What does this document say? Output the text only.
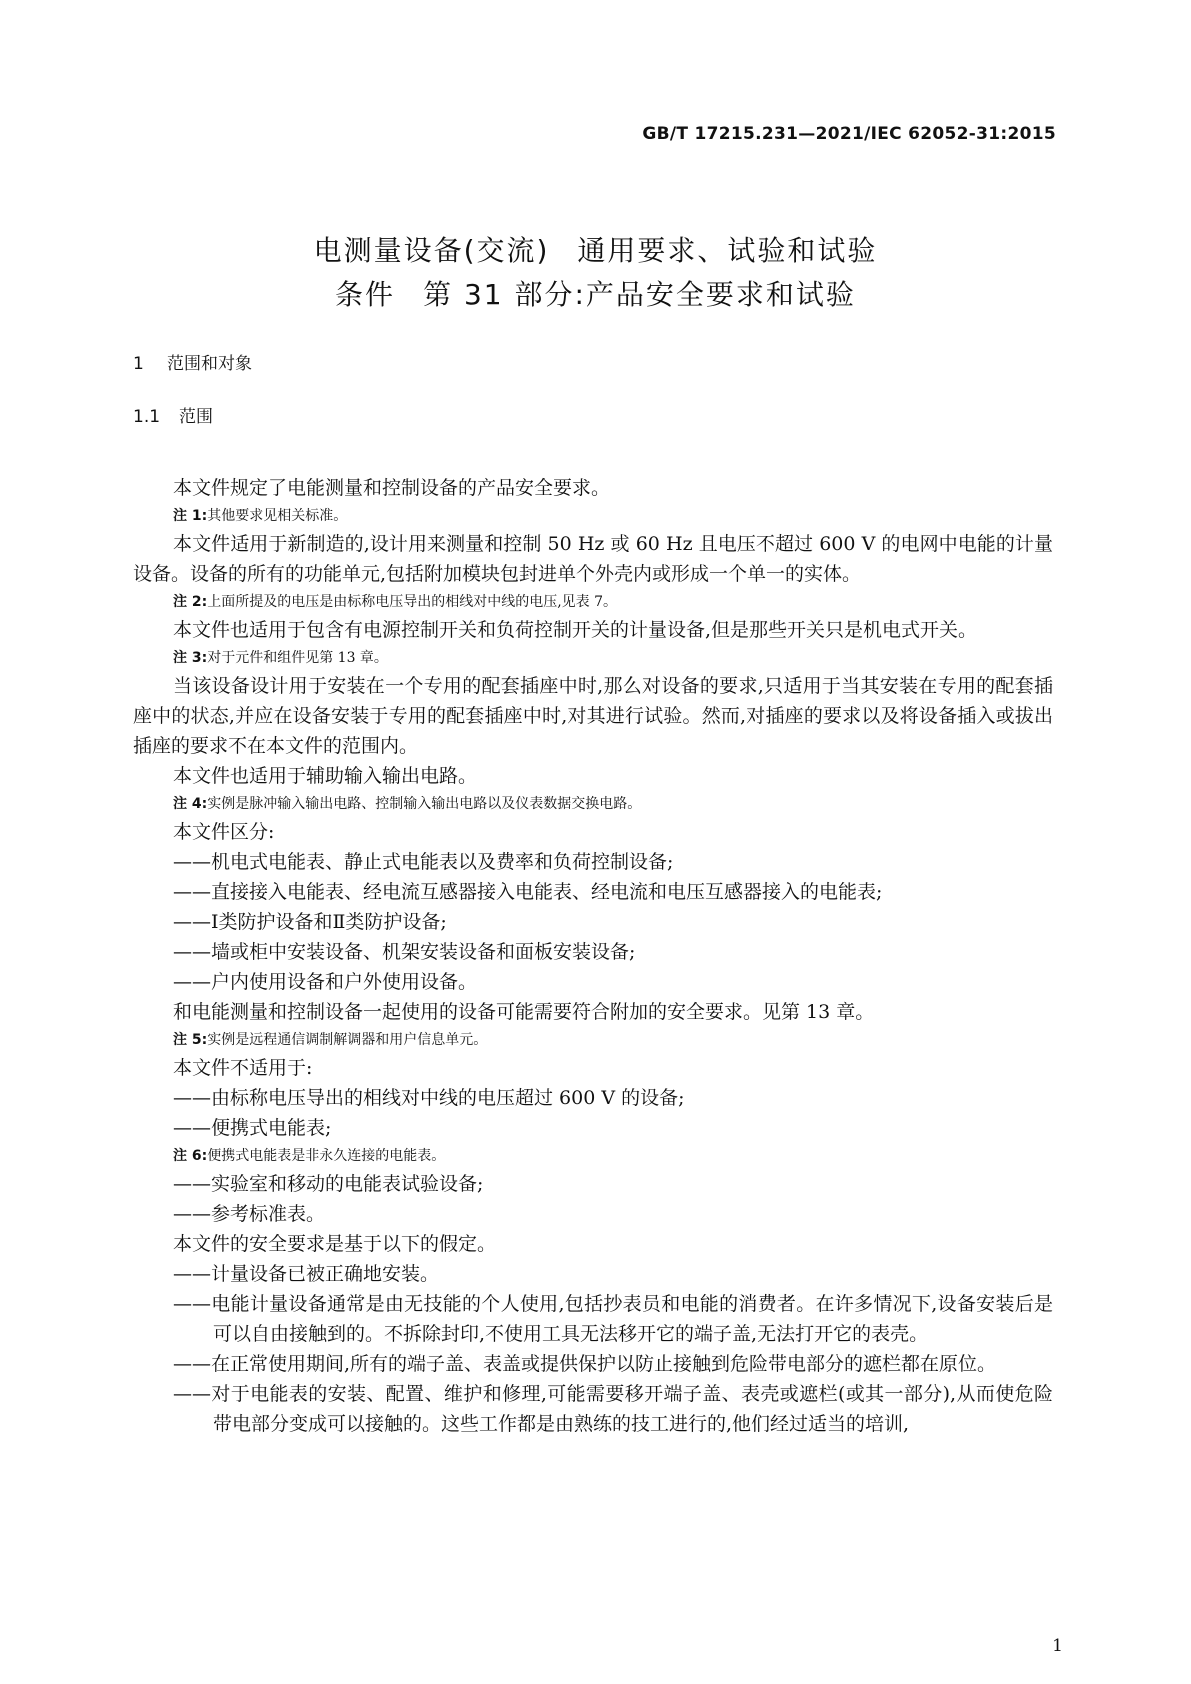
GB/T 17215.231—2021/IEC 62052-31:2015
电测量设备(交流) 通用要求、试验和试验
条件 第 31 部分:产品安全要求和试验
1 范围和对象
1.1 范围

本文件规定了电能测量和控制设备的产品安全要求。

注 1:其他要求见相关标准。

本文件适用于新制造的,设计用来测量和控制 50 Hz 或 60 Hz 且电压不超过 600 V 的电网中电能的计量设备。设备的所有的功能单元,包括附加模块包封进单个外壳内或形成一个单一的实体。

注 2:上面所提及的电压是由标称电压导出的相线对中线的电压,见表 7。

本文件也适用于包含有电源控制开关和负荷控制开关的计量设备,但是那些开关只是机电式开关。

注 3:对于元件和组件见第 13 章。

当该设备设计用于安装在一个专用的配套插座中时,那么对设备的要求,只适用于当其安装在专用的配套插座中的状态,并应在设备安装于专用的配套插座中时,对其进行试验。然而,对插座的要求以及将设备插入或拔出插座的要求不在本文件的范围内。

本文件也适用于辅助输入输出电路。

注 4:实例是脉冲输入输出电路、控制输入输出电路以及仪表数据交换电路。

本文件区分:

——机电式电能表、静止式电能表以及费率和负荷控制设备;

——直接接入电能表、经电流互感器接入电能表、经电流和电压互感器接入的电能表;

——Ⅰ类防护设备和Ⅱ类防护设备;

——墙或柜中安装设备、机架安装设备和面板安装设备;

——户内使用设备和户外使用设备。

和电能测量和控制设备一起使用的设备可能需要符合附加的安全要求。见第 13 章。

注 5:实例是远程通信调制解调器和用户信息单元。

本文件不适用于:

——由标称电压导出的相线对中线的电压超过 600 V 的设备;

——便携式电能表;

注 6:便携式电能表是非永久连接的电能表。

——实验室和移动的电能表试验设备;

——参考标准表。

本文件的安全要求是基于以下的假定。

——计量设备已被正确地安装。

——电能计量设备通常是由无技能的个人使用,包括抄表员和电能的消费者。在许多情况下,设备安装后是可以自由接触到的。不拆除封印,不使用工具无法移开它的端子盖,无法打开它的表壳。

——在正常使用期间,所有的端子盖、表盖或提供保护以防止接触到危险带电部分的遮栏都在原位。

——对于电能表的安装、配置、维护和修理,可能需要移开端子盖、表壳或遮栏(或其一部分),从而使危险带电部分变成可以接触的。这些工作都是由熟练的技工进行的,他们经过适当的培训,

1
